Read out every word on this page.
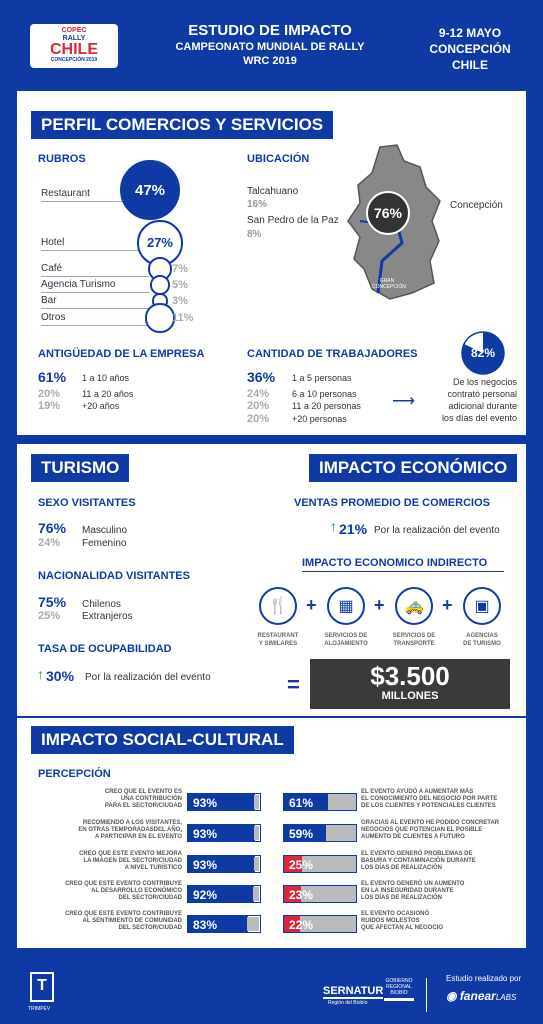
COPEC
RALLY
CHILE
CONCEPCIÓN 2019
ESTUDIO DE IMPACTO
CAMPEONATO MUNDIAL DE RALLY
WRC 2019
9-12 MAYO
CONCEPCIÓN
CHILE
PERFIL COMERCIOS Y SERVICIOS
RUBROS
Restaurant	47%
Hotel	27%
Café	7%
Agencia Turismo	5%
Bar	3%
Otros	11%
UBICACIÓN
Talcahuano
16%
San Pedro de la Paz
8%
76%	Concepción
GRAN CONCEPCIÓN
ANTIGÜEDAD DE LA EMPRESA
61% 1 a 10 años
20% 11 a 20 años
19% +20 años
CANTIDAD DE TRABAJADORES
36% 1 a 5 personas
24%	6 a 10 personas
20%	11 a 20 personas
20%	+20 personas
82%
⟶
De los negocios
contrató personal
adicional durante
los días del evento
TURISMO	IMPACTO ECONÓMICO
SEXO VISITANTES
76% Masculino
24% Femenino
NACIONALIDAD VISITANTES
75% Chilenos
25% Extranjeros
TASA DE OCUPABILIDAD
↑ 30% Por la realización del evento
VENTAS PROMEDIO DE COMERCIOS
↑ 21% Por la realización del evento
IMPACTO ECONOMICO INDIRECTO
🍴	+	▦	+	🚕	+	▣
RESTAURANT
Y SIMILARES
SERVICIOS DE
ALOJAMIENTO
SERVICIOS DE
TRANSPORTE
AGENCIAS
DE TURISMO
=	$3.500
MILLONES
IMPACTO SOCIAL-CULTURAL
PERCEPCIÓN
CREO QUE EL EVENTO ES
UNA CONTRIBUCIÓN
PARA EL SECTOR/CIUDAD 93%
RECOMIENDO A LOS VISITANTES,
EN OTRAS TEMPORADASDEL AÑO,
A PARTICIPAR EN EL EVENTO 93%
CREO QUE ESTE EVENTO MEJORA
LA IMAGEN DEL SECTOR/CIUDAD
A NIVEL TURÍSTICO 93%
CREO QUE ESTE EVENTO CONTRIBUYE
AL DESARROLLO ECONÓMICO
DEL SECTOR/CIUDAD 92%
CREO QUE ESTE EVENTO CONTRIBUYE
AL SENTIMIENTO DE COMUNIDAD
DEL SECTOR/CIUDAD 83%
61%
EL EVENTO AYUDÓ A AUMENTAR MÁS
EL CONOCIMIENTO DEL NEGOCIO POR PARTE
DE LOS CLIENTES Y POTENCIALES CLIENTES
59%
GRACIAS AL EVENTO HE PODIDO CONCRETAR
NEGOCIOS QUE POTENCIAN EL POSIBLE
AUMENTO DE CLIENTES A FUTURO
25%
EL EVENTO GENERÓ PROBLEMAS DE
BASURA Y CONTAMINACIÓN DURANTE
LOS DÍAS DE REALIZACIÓN
23%
EL EVENTO GENERÓ UN AUMENTO
EN LA INSEGURIDAD DURANTE
LOS DÍAS DE REALIZACIÓN
22%
EL EVENTO OCASIONÓ
RUIDOS MOLESTOS
QUE AFECTAN AL NEGOCIO
T
TRIMPEV
SERNATUR
Región del Biobío
GOBIERNO REGIONAL BIOBÍO
Estudio realizado por
◉ fanearLABS
